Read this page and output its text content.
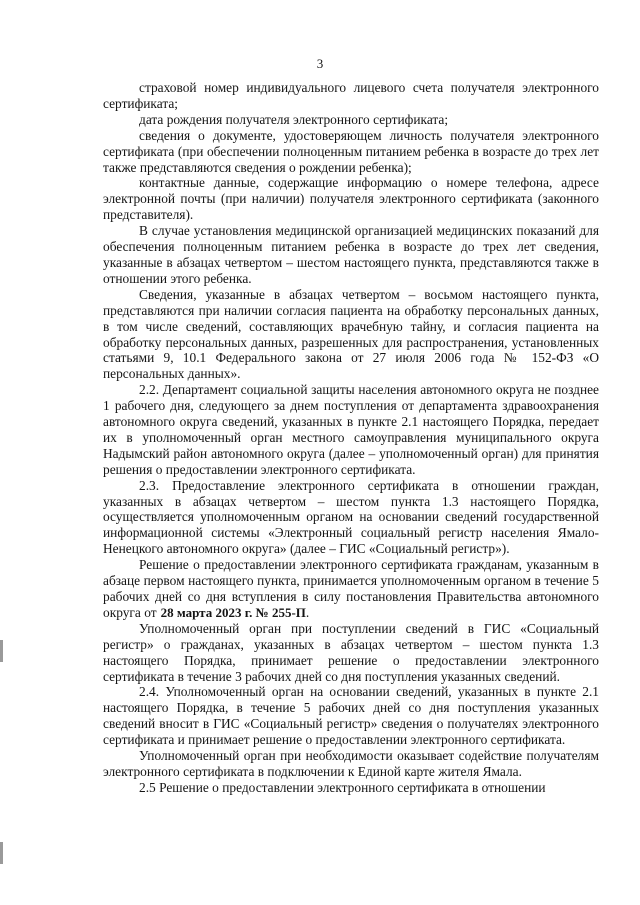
3

страховой номер индивидуального лицевого счета получателя электронного сертификата;

дата рождения получателя электронного сертификата;

сведения о документе, удостоверяющем личность получателя электронного сертификата (при обеспечении полноценным питанием ребенка в возрасте до трех лет также представляются сведения о рождении ребенка);

контактные данные, содержащие информацию о номере телефона, адресе электронной почты (при наличии) получателя электронного сертификата (законного представителя).

В случае установления медицинской организацией медицинских показаний для обеспечения полноценным питанием ребенка в возрасте до трех лет сведения, указанные в абзацах четвертом – шестом настоящего пункта, представляются также в отношении этого ребенка.

Сведения, указанные в абзацах четвертом – восьмом настоящего пункта, представляются при наличии согласия пациента на обработку персональных данных, в том числе сведений, составляющих врачебную тайну, и согласия пациента на обработку персональных данных, разрешенных для распространения, установленных статьями 9, 10.1 Федерального закона от 27 июля 2006 года № 152-ФЗ «О персональных данных».

2.2. Департамент социальной защиты населения автономного округа не позднее 1 рабочего дня, следующего за днем поступления от департамента здравоохранения автономного округа сведений, указанных в пункте 2.1 настоящего Порядка, передает их в уполномоченный орган местного самоуправления муниципального округа Надымский район автономного округа (далее – уполномоченный орган) для принятия решения о предоставлении электронного сертификата.

2.3. Предоставление электронного сертификата в отношении граждан, указанных в абзацах четвертом – шестом пункта 1.3 настоящего Порядка, осуществляется уполномоченным органом на основании сведений государственной информационной системы «Электронный социальный регистр населения Ямало-Ненецкого автономного округа» (далее – ГИС «Социальный регистр»).

Решение о предоставлении электронного сертификата гражданам, указанным в абзаце первом настоящего пункта, принимается уполномоченным органом в течение 5 рабочих дней со дня вступления в силу постановления Правительства автономного округа от 28 марта 2023 г. № 255-П.

Уполномоченный орган при поступлении сведений в ГИС «Социальный регистр» о гражданах, указанных в абзацах четвертом – шестом пункта 1.3 настоящего Порядка, принимает решение о предоставлении электронного сертификата в течение 3 рабочих дней со дня поступления указанных сведений.

2.4. Уполномоченный орган на основании сведений, указанных в пункте 2.1 настоящего Порядка, в течение 5 рабочих дней со дня поступления указанных сведений вносит в ГИС «Социальный регистр» сведения о получателях электронного сертификата и принимает решение о предоставлении электронного сертификата.

Уполномоченный орган при необходимости оказывает содействие получателям электронного сертификата в подключении к Единой карте жителя Ямала.

2.5 Решение о предоставлении электронного сертификата в отношении
